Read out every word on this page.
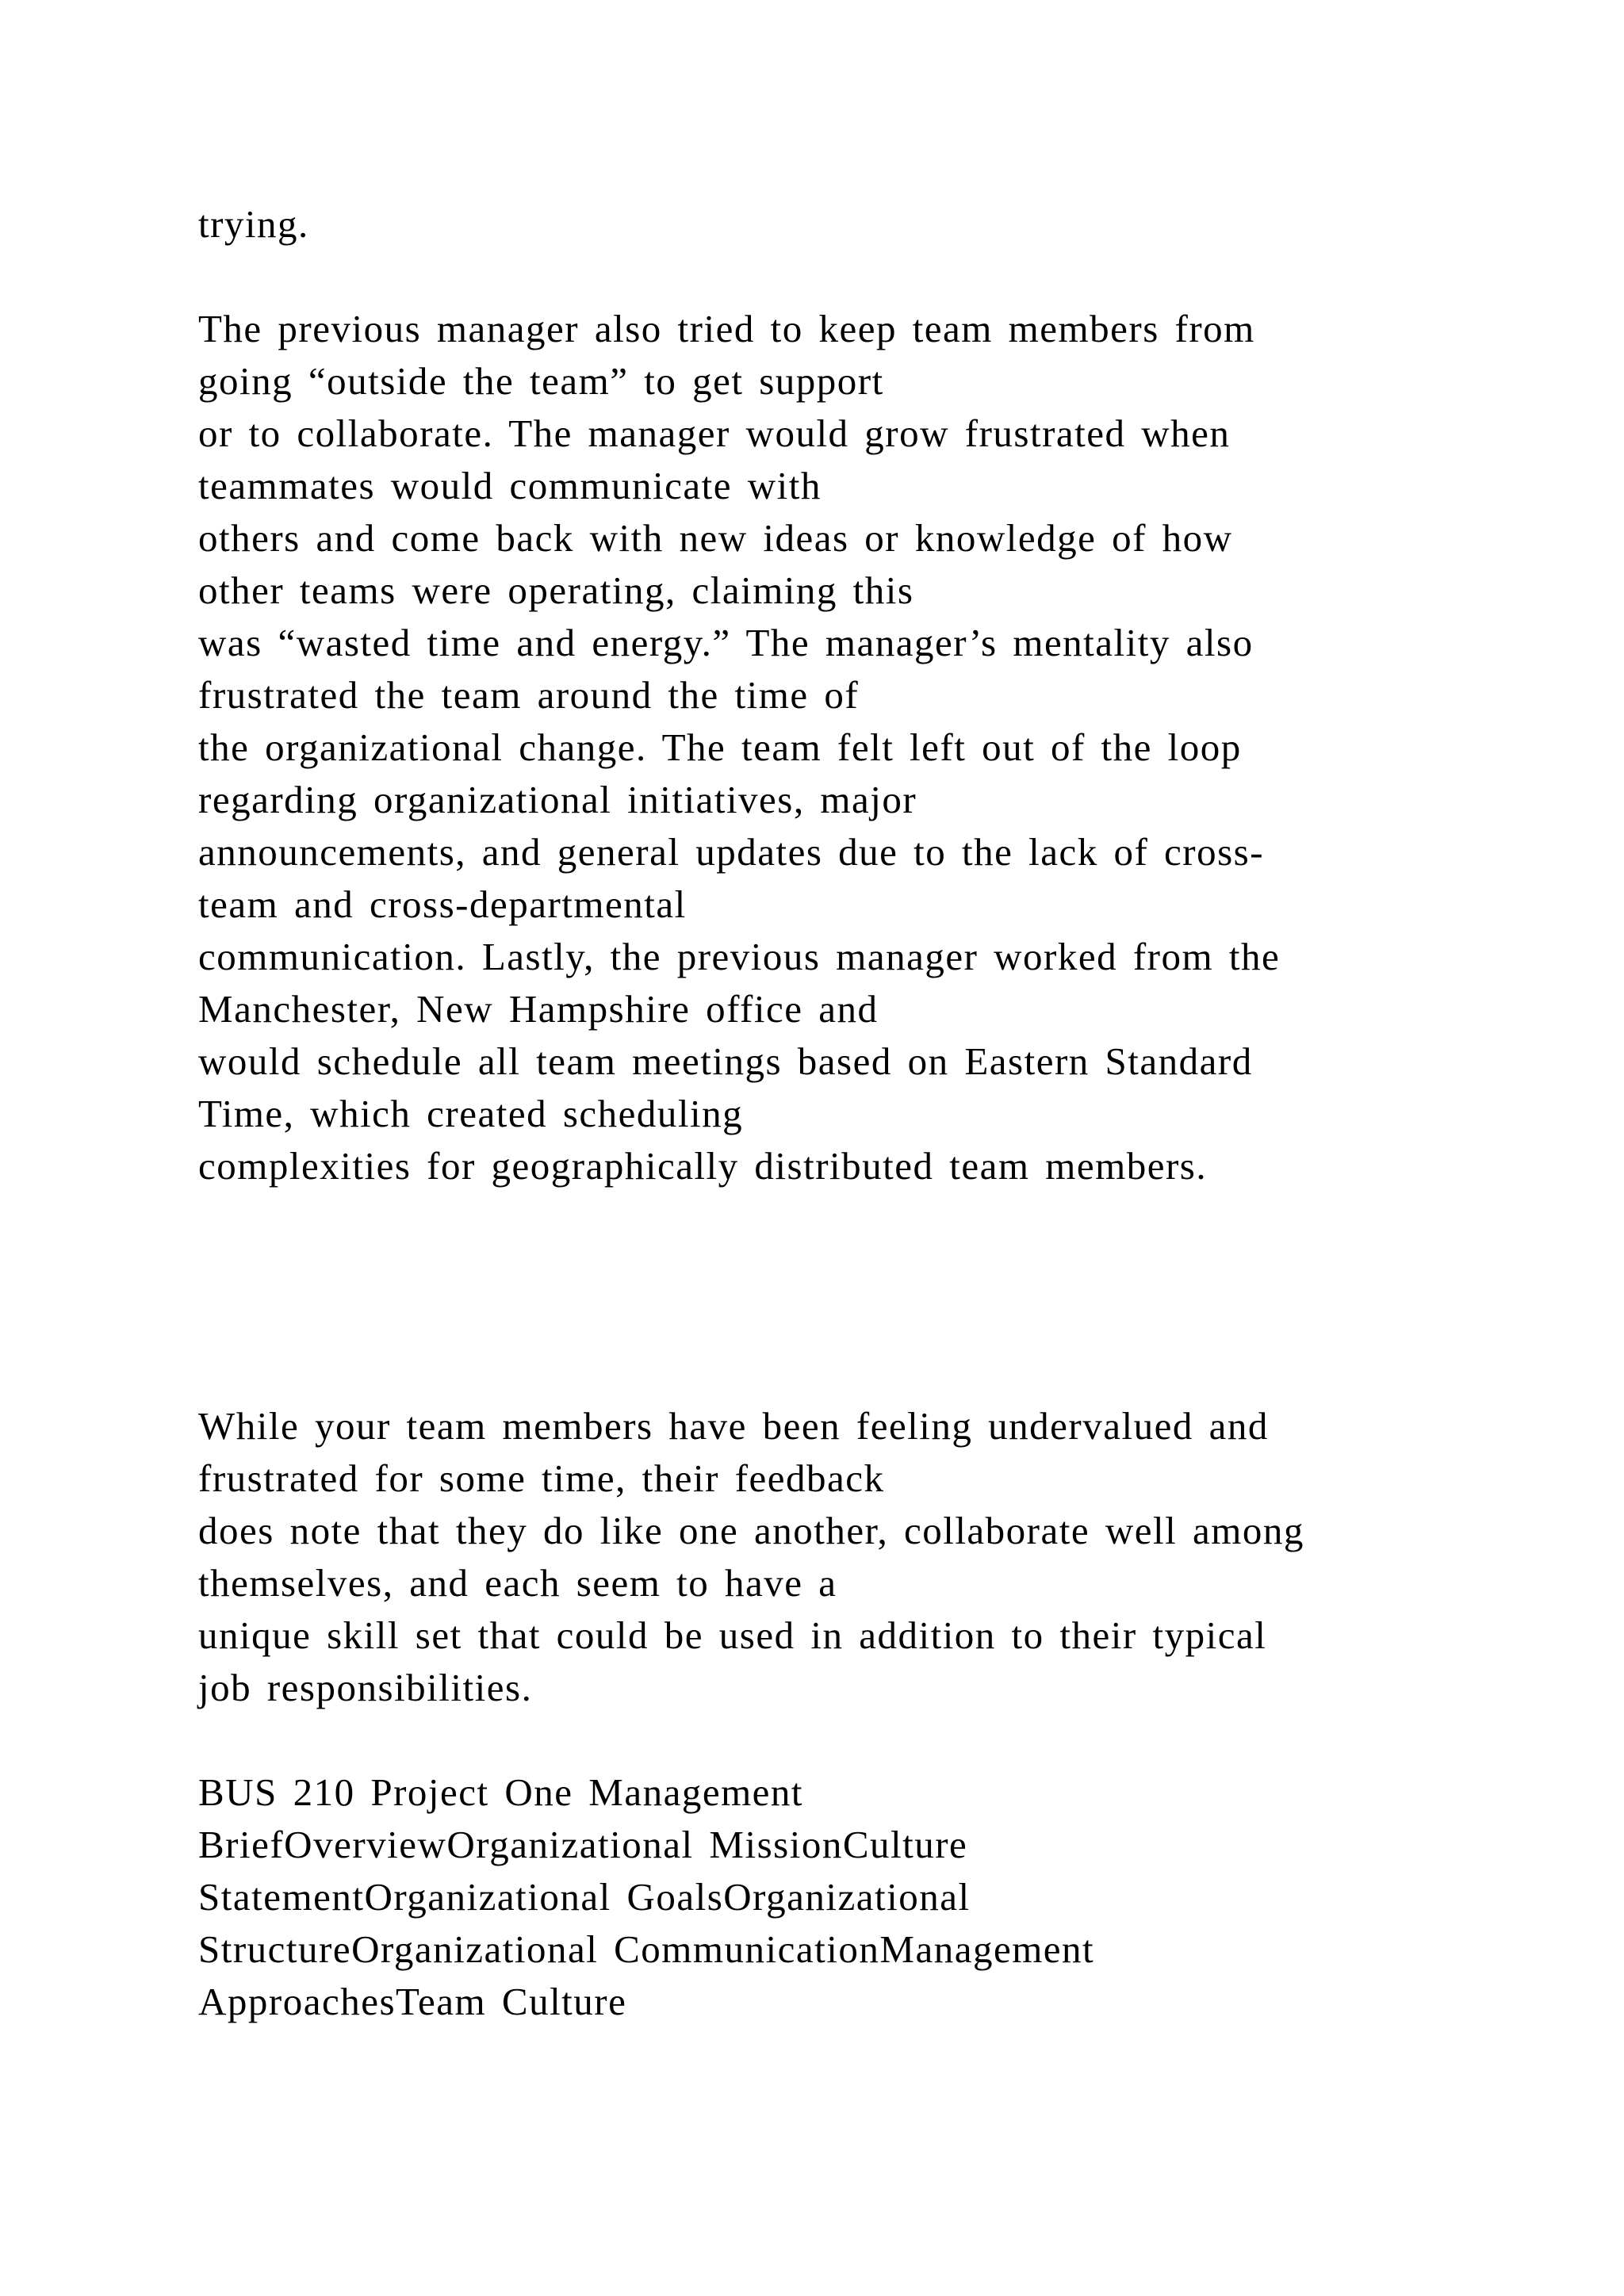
trying.

The previous manager also tried to keep team members from

going “outside the team” to get support

or to collaborate. The manager would grow frustrated when

teammates would communicate with

others and come back with new ideas or knowledge of how

other teams were operating, claiming this

was “wasted time and energy.” The manager’s mentality also

frustrated the team around the time of

the organizational change. The team felt left out of the loop

regarding organizational initiatives, major

announcements, and general updates due to the lack of cross-

team and cross-departmental

communication. Lastly, the previous manager worked from the

Manchester, New Hampshire office and

would schedule all team meetings based on Eastern Standard

Time, which created scheduling

complexities for geographically distributed team members.

While your team members have been feeling undervalued and

frustrated for some time, their feedback

does note that they do like one another, collaborate well among

themselves, and each seem to have a

unique skill set that could be used in addition to their typical

job responsibilities.

BUS 210 Project One Management

BriefOverviewOrganizational MissionCulture

StatementOrganizational GoalsOrganizational

StructureOrganizational CommunicationManagement

ApproachesTeam Culture
